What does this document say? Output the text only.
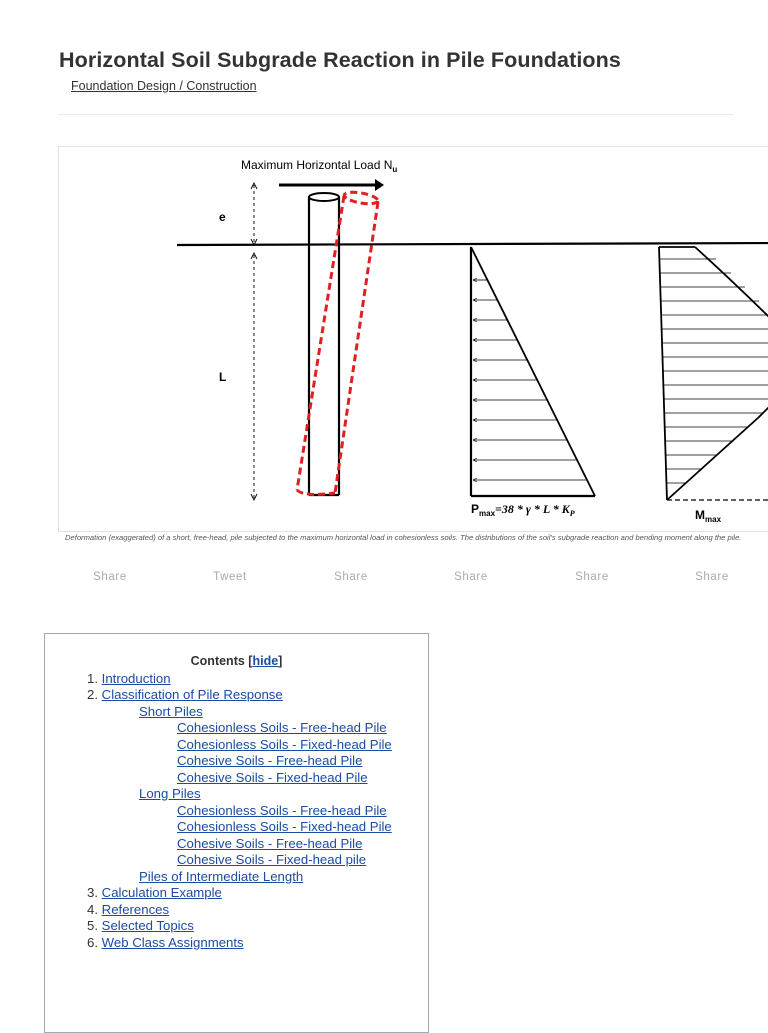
Horizontal Soil Subgrade Reaction in Pile Foundations
Foundation Design / Construction
Maximum Horizontal Load $N_u$
e
L
$P_{max}=38 * \gamma * L * K_P$	$M_{max}$
Deformation (exaggerated) of a short, free-head, pile subjected to the maximum horizontal load in cohesionless soils. The distributions of the soil's subgrade reaction and bending moment along the pile.
Share	Tweet	Share	Share	Share	Share
Contents [hide]
1. Introduction
2. Classification of Pile Response
Short Piles
Cohesionless Soils - Free-head Pile
Cohesionless Soils - Fixed-head Pile
Cohesive Soils - Free-head Pile
Cohesive Soils - Fixed-head Pile
Long Piles
Cohesionless Soils - Free-head Pile
Cohesionless Soils - Fixed-head Pile
Cohesive Soils - Free-head Pile
Cohesive Soils - Fixed-head pile
Piles of Intermediate Length
3. Calculation Example
4. References
5. Selected Topics
6. Web Class Assignments
